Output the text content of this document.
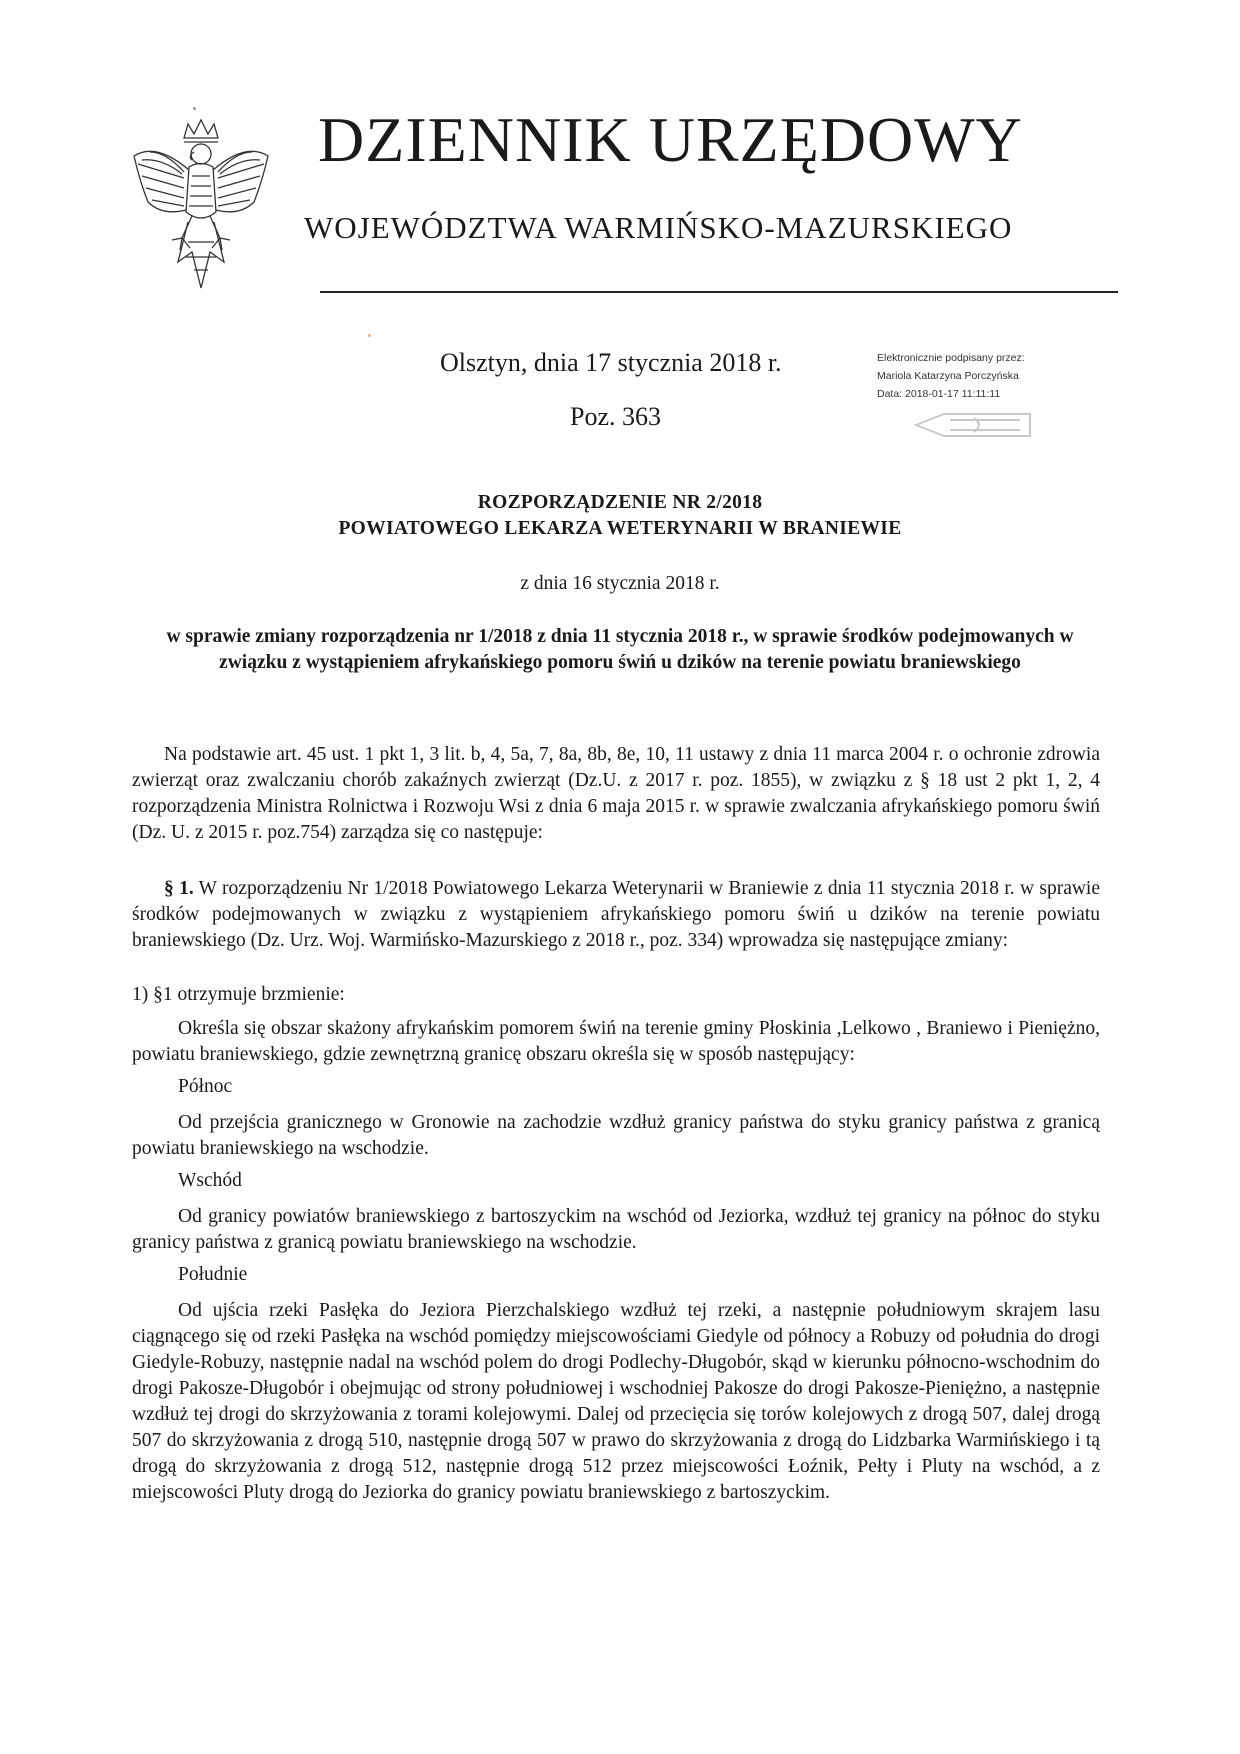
DZIENNIK URZĘDOWY
WOJEWÓDZTWA WARMIŃSKO-MAZURSKIEGO
Olsztyn, dnia 17 stycznia 2018 r.
Poz. 363
Elektronicznie podpisany przez:
Mariola Katarzyna Porczyńska
Data: 2018-01-17 11:11:11
ROZPORZĄDZENIE NR 2/2018
POWIATOWEGO LEKARZA WETERYNARII W BRANIEWIE
z dnia 16 stycznia 2018 r.
w sprawie zmiany rozporządzenia nr 1/2018 z dnia 11 stycznia 2018 r., w sprawie środków podejmowanych w związku z wystąpieniem afrykańskiego pomoru świń u dzików na terenie powiatu braniewskiego

Na podstawie art. 45 ust. 1 pkt 1, 3 lit. b, 4, 5a, 7, 8a, 8b, 8e, 10, 11 ustawy z dnia 11 marca 2004 r. o ochronie zdrowia zwierząt oraz zwalczaniu chorób zakaźnych zwierząt (Dz.U. z 2017 r. poz. 1855), w związku z § 18 ust 2 pkt 1, 2, 4 rozporządzenia Ministra Rolnictwa i Rozwoju Wsi z dnia 6 maja 2015 r. w sprawie zwalczania afrykańskiego pomoru świń (Dz. U. z 2015 r. poz.754) zarządza się co następuje:

§ 1. W rozporządzeniu Nr 1/2018 Powiatowego Lekarza Weterynarii w Braniewie z dnia 11 stycznia 2018 r. w sprawie środków podejmowanych w związku z wystąpieniem afrykańskiego pomoru świń u dzików na terenie powiatu braniewskiego (Dz. Urz. Woj. Warmińsko-Mazurskiego z 2018 r., poz. 334) wprowadza się następujące zmiany:

1) §1 otrzymuje brzmienie:

Określa się obszar skażony afrykańskim pomorem świń na terenie gminy Płoskinia ,Lelkowo , Braniewo i Pieniężno, powiatu braniewskiego, gdzie zewnętrzną granicę obszaru określa się w sposób następujący:

Północ

Od przejścia granicznego w Gronowie na zachodzie wzdłuż granicy państwa do styku granicy państwa z granicą powiatu braniewskiego na wschodzie.

Wschód

Od granicy powiatów braniewskiego z bartoszyckim na wschód od Jeziorka, wzdłuż tej granicy na północ do styku granicy państwa z granicą powiatu braniewskiego na wschodzie.

Południe

Od ujścia rzeki Pasłęka do Jeziora Pierzchalskiego wzdłuż tej rzeki, a następnie południowym skrajem lasu ciągnącego się od rzeki Pasłęka na wschód pomiędzy miejscowościami Giedyle od północy a Robuzy od południa do drogi Giedyle-Robuzy, następnie nadal na wschód polem do drogi Podlechy-Długobór, skąd w kierunku północno-wschodnim do drogi Pakosze-Długobór i obejmując od strony południowej i wschodniej Pakosze do drogi Pakosze-Pieniężno, a następnie wzdłuż tej drogi do skrzyżowania z torami kolejowymi. Dalej od przecięcia się torów kolejowych z drogą 507, dalej drogą 507 do skrzyżowania z drogą 510, następnie drogą 507 w prawo do skrzyżowania z drogą do Lidzbarka Warmińskiego i tą drogą do skrzyżowania z drogą 512, następnie drogą 512 przez miejscowości Łoźnik, Pełty i Pluty na wschód, a z miejscowości Pluty drogą do Jeziorka do granicy powiatu braniewskiego z bartoszyckim.
